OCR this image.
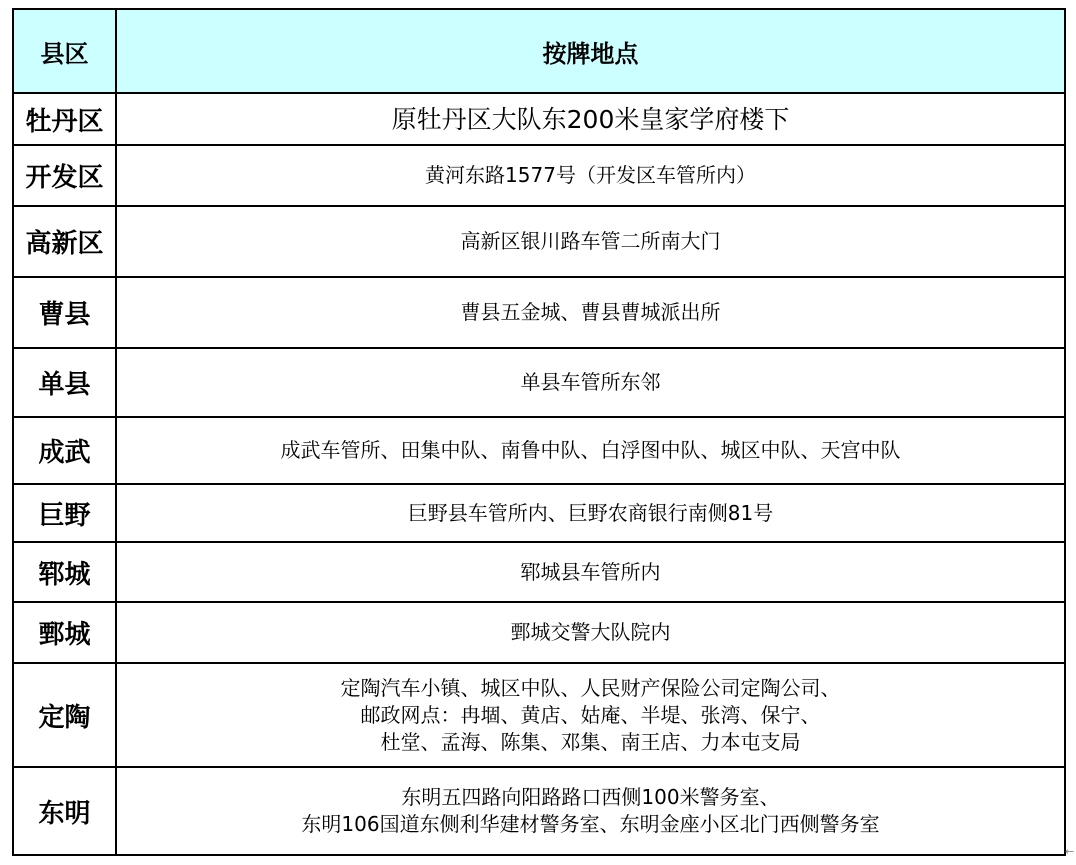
县区	按牌地点
牡丹区	原牡丹区大队东200米皇家学府楼下

开发区	黄河东路1577号（开发区车管所内）

高新区	高新区银川路车管二所南大门

曹县	曹县五金城、曹县曹城派出所

单县	单县车管所东邻

成武	成武车管所、田集中队、南鲁中队、白浮图中队、城区中队、天宫中队

巨野	巨野县车管所内、巨野农商银行南侧81号

郓城	郓城县车管所内

鄄城	鄄城交警大队院内

定陶	定陶汽车小镇、城区中队、人民财产保险公司定陶公司、
邮政网点：冉堌、黄店、姑庵、半堤、张湾、保宁、
杜堂、孟海、陈集、邓集、南王店、力本屯支局

东明	东明五四路向阳路路口西侧100米警务室、
东明106国道东侧利华建材警务室、东明金座小区北门西侧警务室
←
